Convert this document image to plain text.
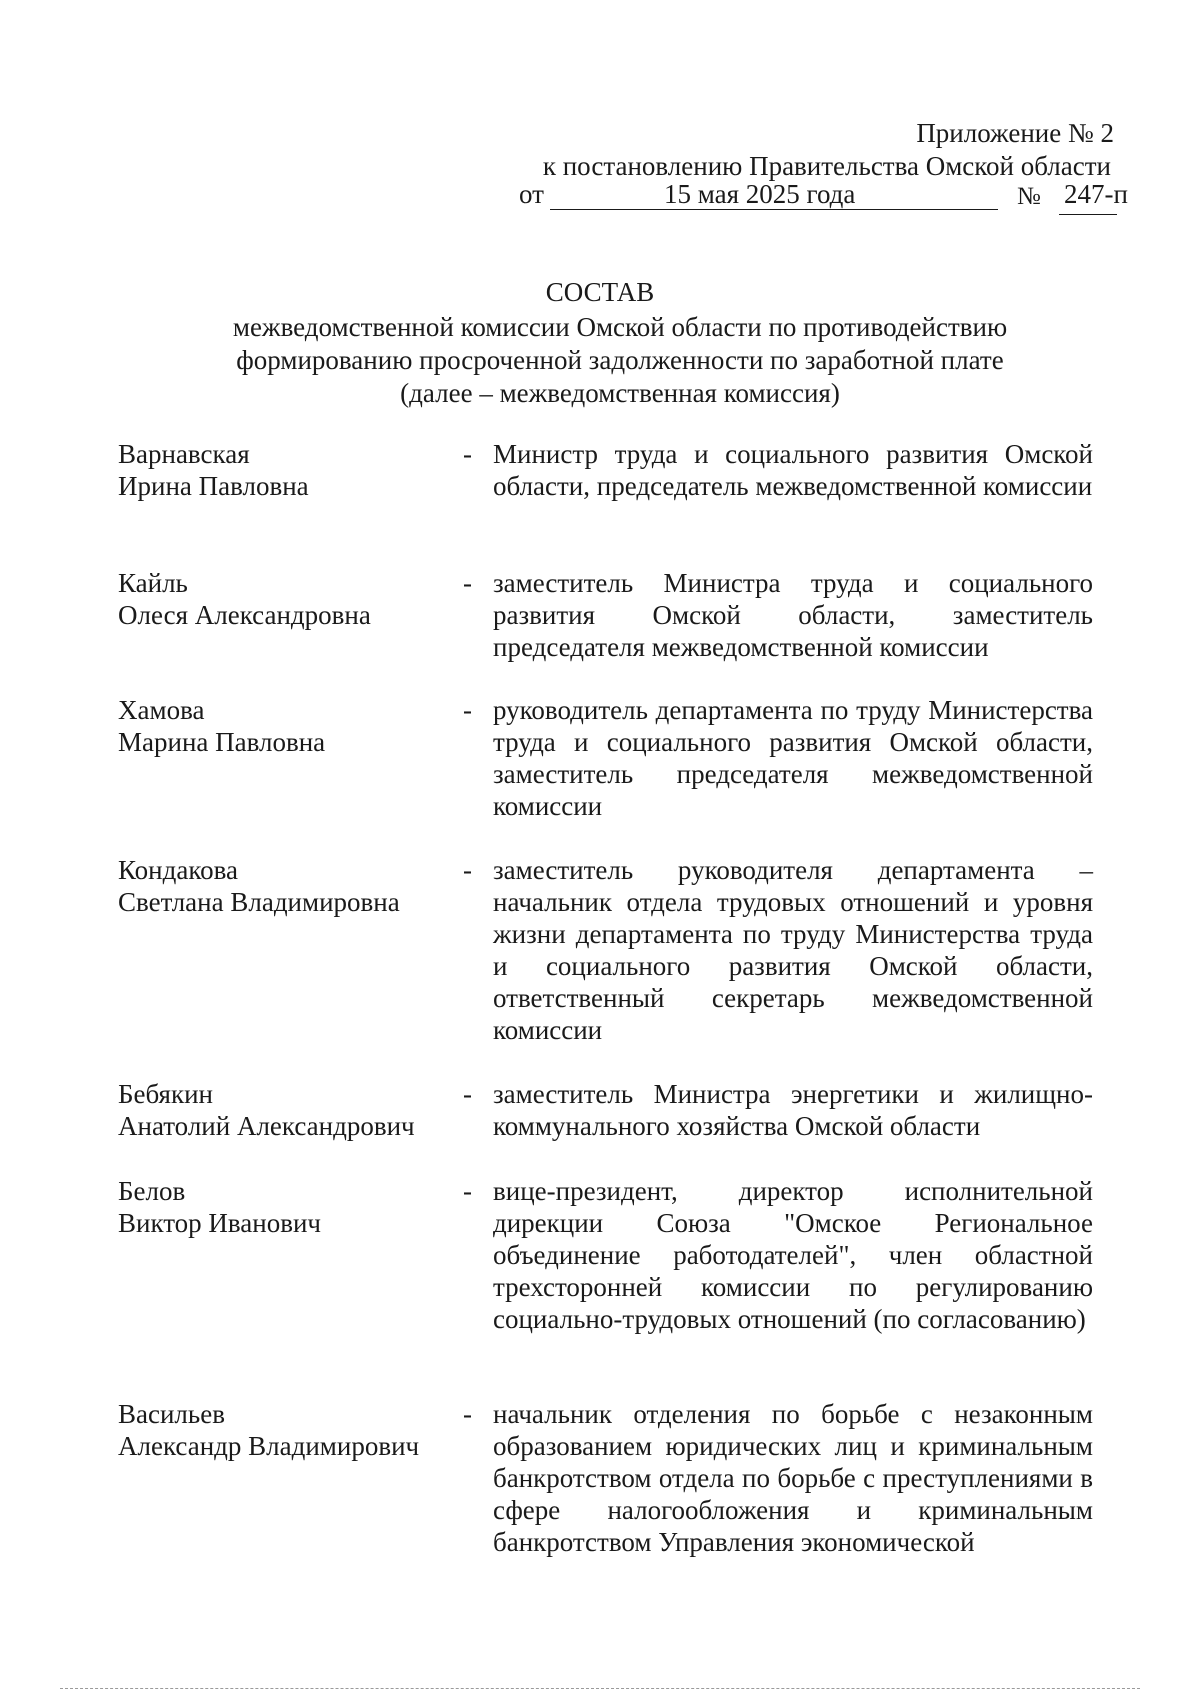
Приложение № 2
к постановлению Правительства Омской области
от	15 мая 2025 года	№ 247-п
СОСТАВ
межведомственной комиссии Омской области по противодействию
формированию просроченной задолженности по заработной плате
(далее – межведомственная комиссия)
Варнавская
Ирина Павловна
- Министр труда и социального развития Омской области, председатель межведомственной комиссии
Кайль
Олеся Александровна
- заместитель Министра труда и социального развития Омской области, заместитель председателя межведомственной комиссии
Хамова
Марина Павловна
- руководитель департамента по труду Министерства труда и социального развития Омской области, заместитель председателя межведомственной комиссии
Кондакова
Светлана Владимировна
- заместитель руководителя департамента – начальник отдела трудовых отношений и уровня жизни департамента по труду Министерства труда и социального развития Омской области, ответственный секретарь межведомственной комиссии
Бебякин
Анатолий Александрович
- заместитель Министра энергетики и жилищно-коммунального хозяйства Омской области
Белов
Виктор Иванович
- вице-президент, директор исполнительной дирекции Союза "Омское Региональное объединение работодателей", член областной трехсторонней комиссии по регулированию социально-трудовых отношений (по согласованию)
Васильев
Александр Владимирович
- начальник отделения по борьбе с незаконным образованием юридических лиц и криминальным банкротством отдела по борьбе с преступлениями в сфере налогообложения и криминальным банкротством Управления экономической
